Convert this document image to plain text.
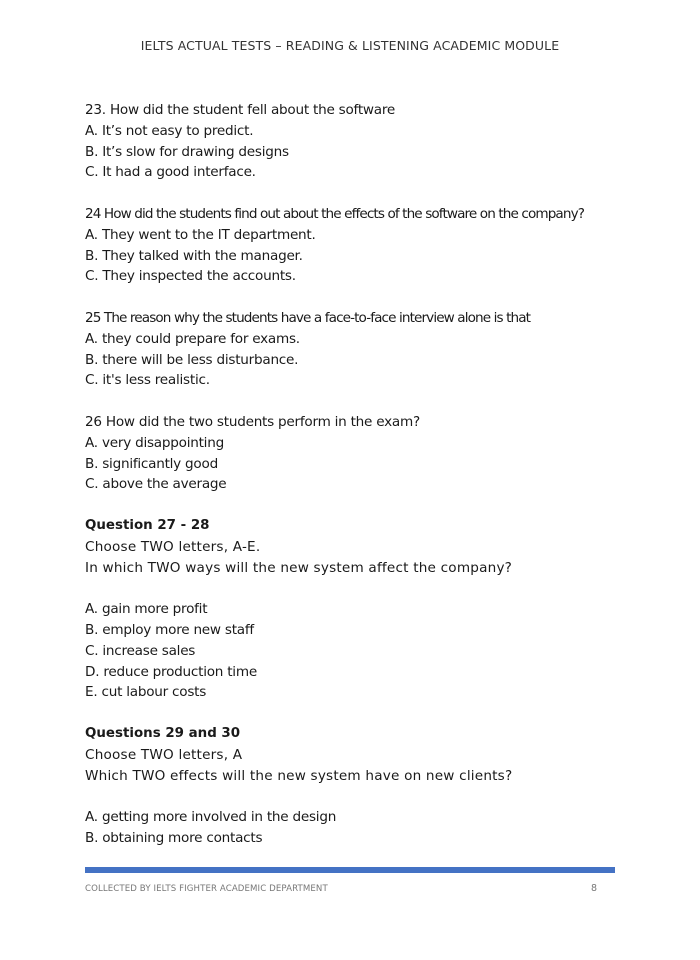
IELTS ACTUAL TESTS – READING & LISTENING ACADEMIC MODULE
23. How did the student fell about the software
A. It’s not easy to predict.
B. It’s slow for drawing designs
C. It had a good interface.
24 How did the students find out about the effects of the software on the company?
A. They went to the IT department.
B. They talked with the manager.
C. They inspected the accounts.
25 The reason why the students have a face-to-face interview alone is that
A. they could prepare for exams.
B. there will be less disturbance.
C. it's less realistic.
26 How did the two students perform in the exam?
A. very disappointing
B. significantly good
C. above the average
Question 27 - 28
Choose TWO letters, A-E.
In which TWO ways will the new system affect the company?
A. gain more profit
B. employ more new staff
C. increase sales
D. reduce production time
E. cut labour costs
Questions 29 and 30
Choose TWO letters, A
Which TWO effects will the new system have on new clients?
A. getting more involved in the design
B. obtaining more contacts
COLLECTED BY IELTS FIGHTER ACADEMIC DEPARTMENT	8
